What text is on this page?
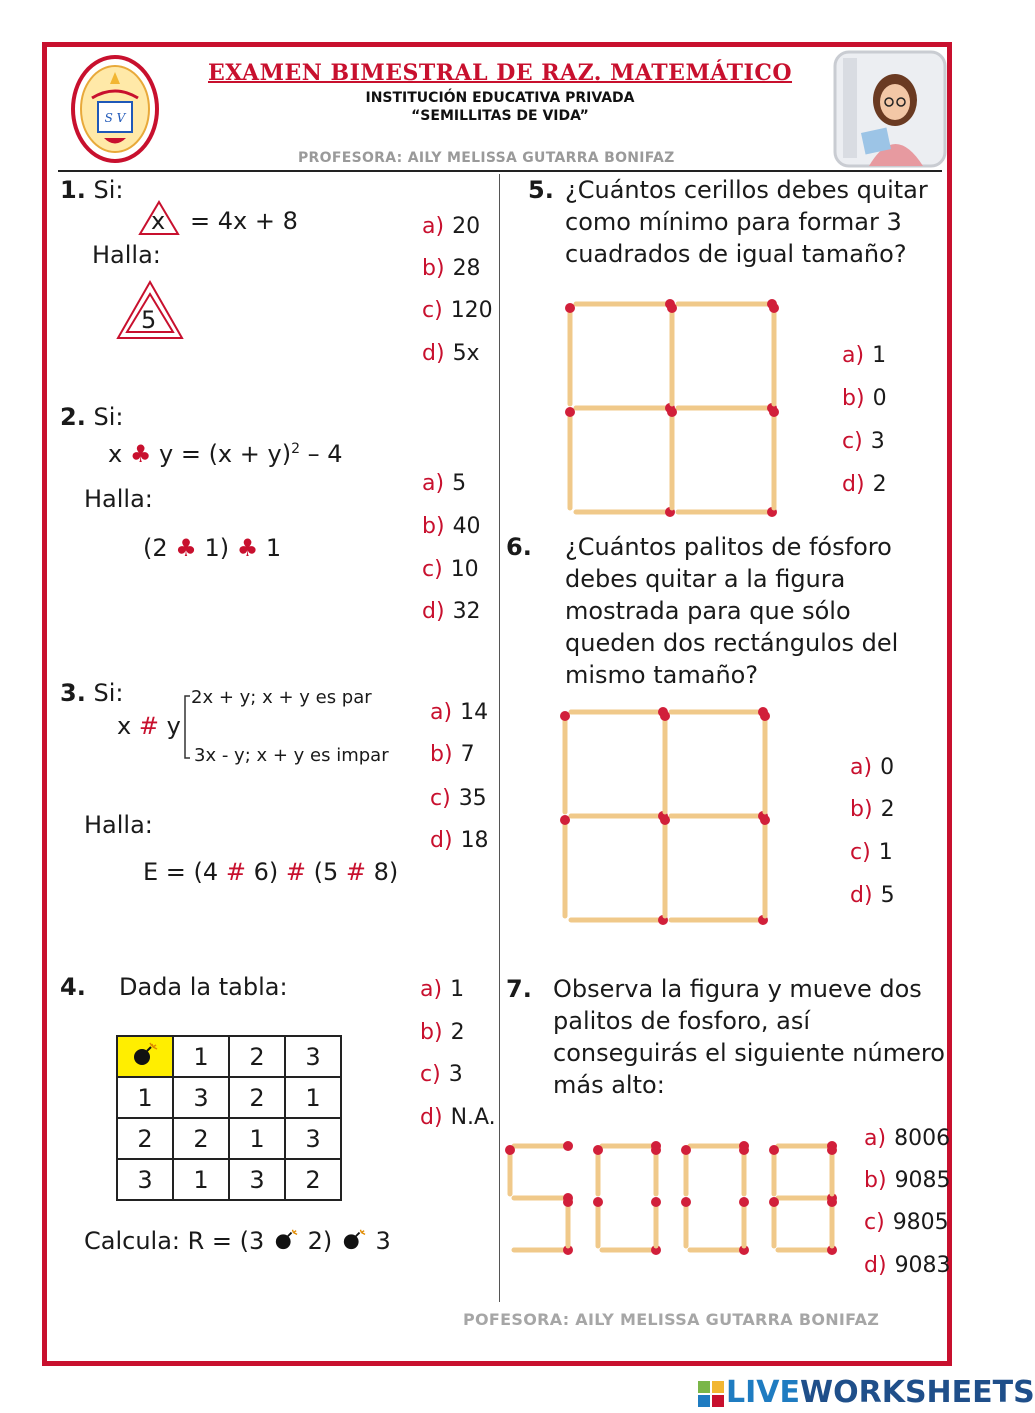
S V
EXAMEN BIMESTRAL DE RAZ. MATEMÁTICO
INSTITUCIÓN EDUCATIVA PRIVADA
“SEMILLITAS DE VIDA”
PROFESORA: AILY MELISSA GUTARRA BONIFAZ
1. Si:
x = 4x + 8
Halla:
5
a) 20
b) 28
c) 120
d) 5x
2. Si:
x ♣ $y = (x + y)^2 - 4$
Halla:
(2 ♣ 1) ♣ 1
a) 5
b) 40
c) 10
d) 32
3. Si:
x # y
2x + y; x + y es par
3x - y; x + y es impar
Halla:
E = (4 # 6) # (5 # 8)
a) 14
b) 7
c) 35
d) 18
4. Dada la tabla:
	1	2	3
1	3	2	1
2	2	1	3
3	1	3	2
Calcula: R = (3 2) 3
a) 1
b) 2
c) 3
d) N.A.
5. ¿Cuántos cerillos debes quitar
como mínimo para formar 3
cuadrados de igual tamaño?
a) 1
b) 0
c) 3
d) 2
6. ¿Cuántos palitos de fósforo
debes quitar a la figura
mostrada para que sólo
queden dos rectángulos del
mismo tamaño?
a) 0
b) 2
c) 1
d) 5
7. Observa la figura y mueve dos
palitos de fosforo, así
conseguirás el siguiente número
más alto:
a) 8006
b) 9085
c) 9805
d) 9083
POFESORA: AILY MELISSA GUTARRA BONIFAZ
LIVE WORKSHEETS
